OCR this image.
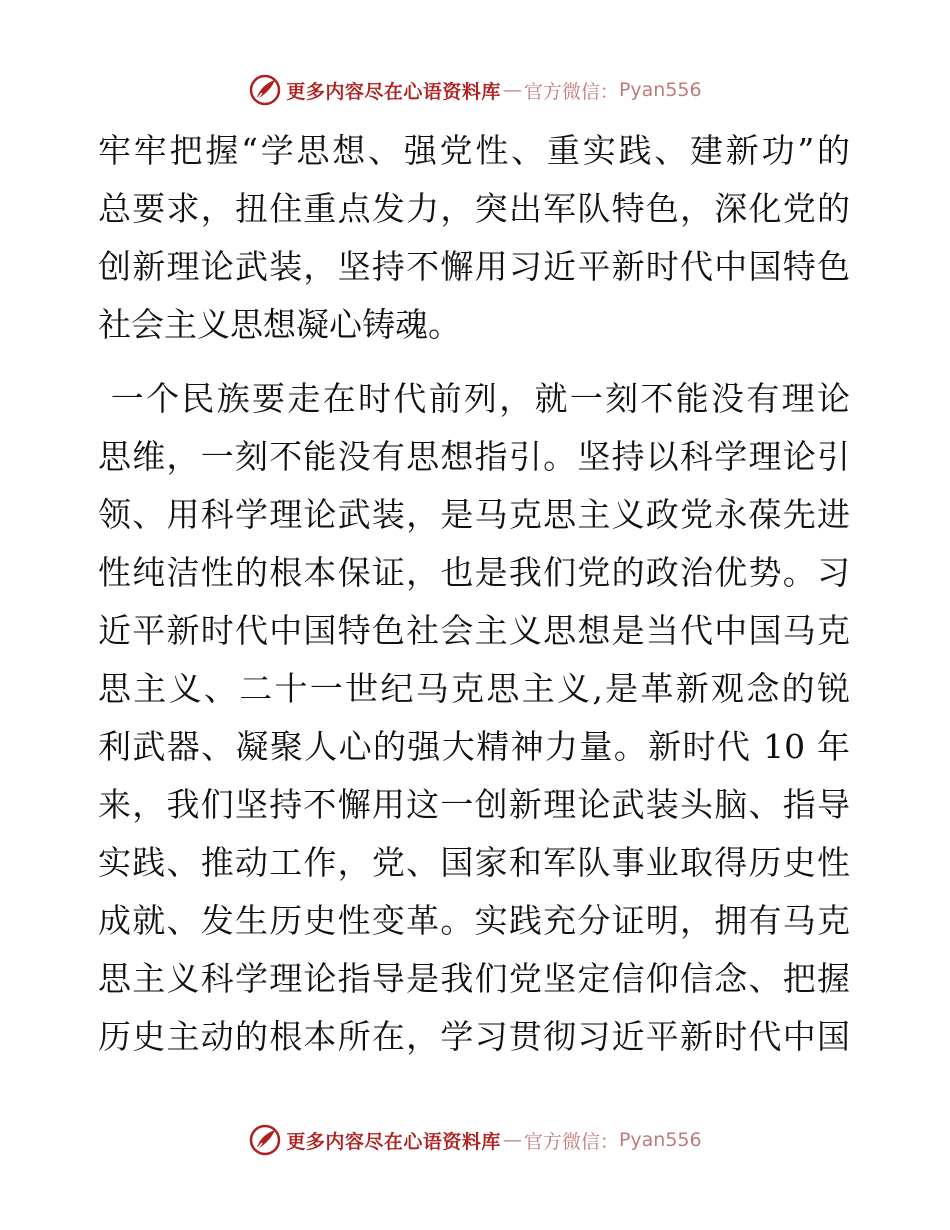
更多内容尽在心语资料库 — 官方微信： Pyan556
牢牢把握“学思想、强党性、重实践、建新功”的
总要求，扭住重点发力，突出军队特色，深化党的
创新理论武装，坚持不懈用习近平新时代中国特色
社会主义思想凝心铸魂。
一个民族要走在时代前列，就一刻不能没有理论
思维，一刻不能没有思想指引。坚持以科学理论引
领、用科学理论武装，是马克思主义政党永葆先进
性纯洁性的根本保证，也是我们党的政治优势。习
近平新时代中国特色社会主义思想是当代中国马克
思主义、二十一世纪马克思主义,是革新观念的锐
利武器、凝聚人心的强大精神力量。新时代 10 年
来，我们坚持不懈用这一创新理论武装头脑、指导
实践、推动工作，党、国家和军队事业取得历史性
成就、发生历史性变革。实践充分证明，拥有马克
思主义科学理论指导是我们党坚定信仰信念、把握
历史主动的根本所在，学习贯彻习近平新时代中国
更多内容尽在心语资料库 — 官方微信： Pyan556
